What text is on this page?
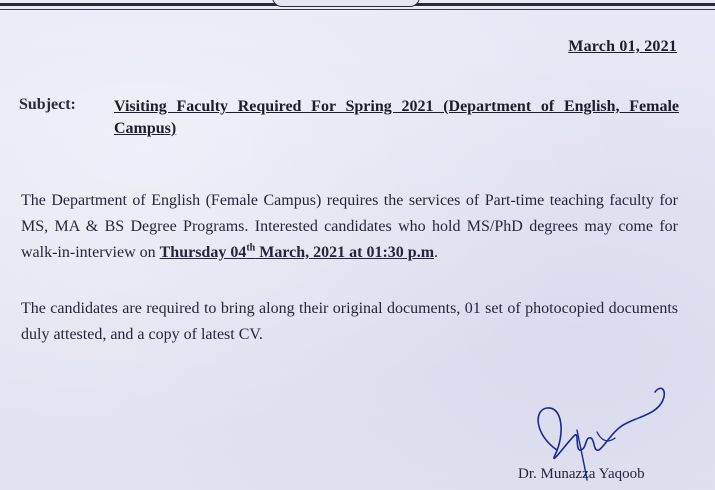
March 01, 2021
Subject: Visiting Faculty Required For Spring 2021 (Department of English, Female Campus)
The Department of English (Female Campus) requires the services of Part-time teaching faculty for MS, MA & BS Degree Programs. Interested candidates who hold MS/PhD degrees may come for walk-in-interview on Thursday 04th March, 2021 at 01:30 p.m.
The candidates are required to bring along their original documents, 01 set of photocopied documents duly attested, and a copy of latest CV.
Dr. Munazza Yaqoob
